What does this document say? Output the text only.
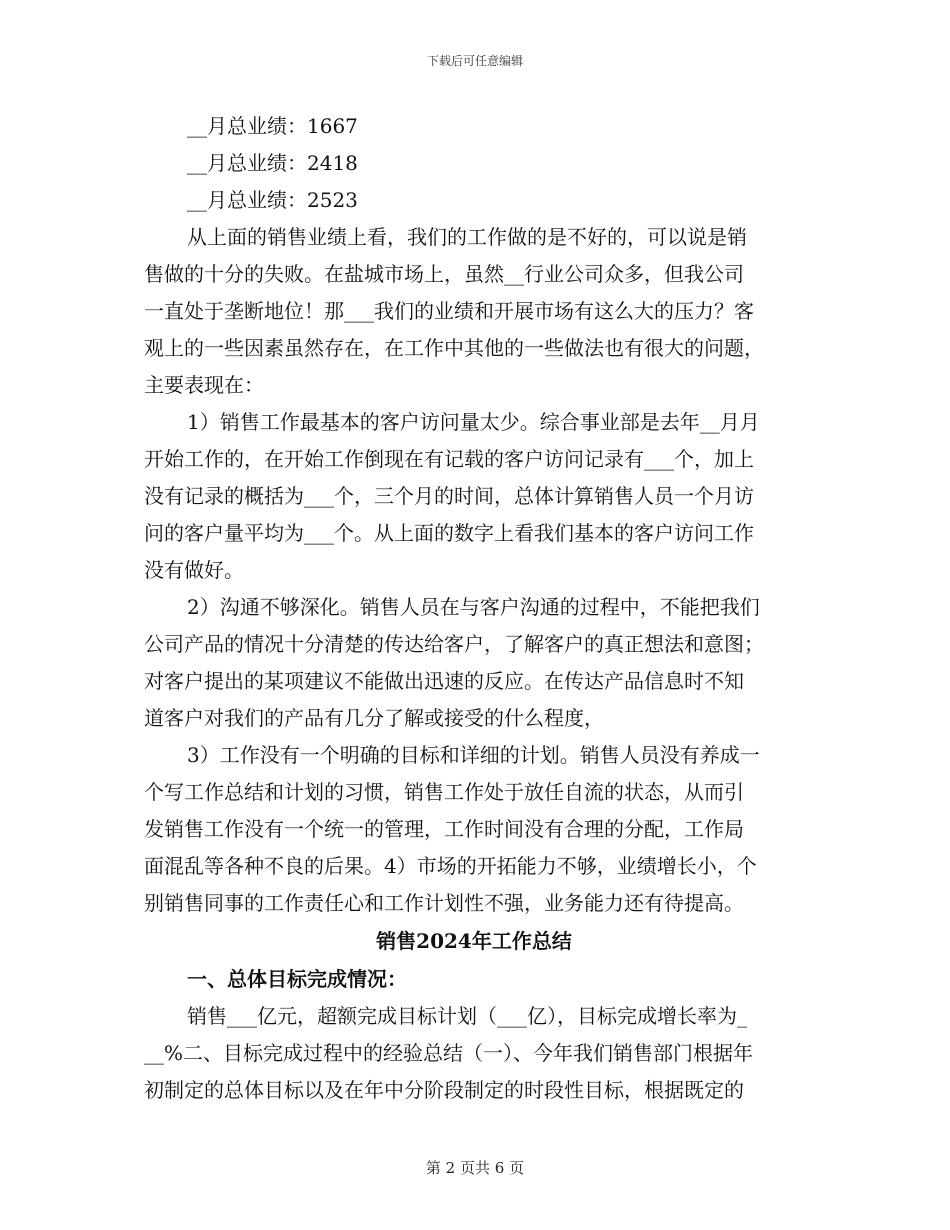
下载后可任意编辑
__月总业绩：1667
__月总业绩：2418
__月总业绩：2523
从上面的销售业绩上看，我们的工作做的是不好的，可以说是销
售做的十分的失败。在盐城市场上，虽然__行业公司众多，但我公司
一直处于垄断地位！那___我们的业绩和开展市场有这么大的压力？客
观上的一些因素虽然存在，在工作中其他的一些做法也有很大的问题，
主要表现在：
1）销售工作最基本的客户访问量太少。综合事业部是去年__月月
开始工作的，在开始工作倒现在有记载的客户访问记录有___个，加上
没有记录的概括为___个，三个月的时间，总体计算销售人员一个月访
问的客户量平均为___个。从上面的数字上看我们基本的客户访问工作
没有做好。
2）沟通不够深化。销售人员在与客户沟通的过程中，不能把我们
公司产品的情况十分清楚的传达给客户，了解客户的真正想法和意图；
对客户提出的某项建议不能做出迅速的反应。在传达产品信息时不知
道客户对我们的产品有几分了解或接受的什么程度，
3）工作没有一个明确的目标和详细的计划。销售人员没有养成一
个写工作总结和计划的习惯，销售工作处于放任自流的状态，从而引
发销售工作没有一个统一的管理，工作时间没有合理的分配，工作局
面混乱等各种不良的后果。4）市场的开拓能力不够，业绩增长小，个
别销售同事的工作责任心和工作计划性不强，业务能力还有待提高。
销售2024年工作总结
一、总体目标完成情况：
销售___亿元，超额完成目标计划（___亿），目标完成增长率为_
__%二、目标完成过程中的经验总结（一）、今年我们销售部门根据年
初制定的总体目标以及在年中分阶段制定的时段性目标，根据既定的
第 2 页共 6 页
